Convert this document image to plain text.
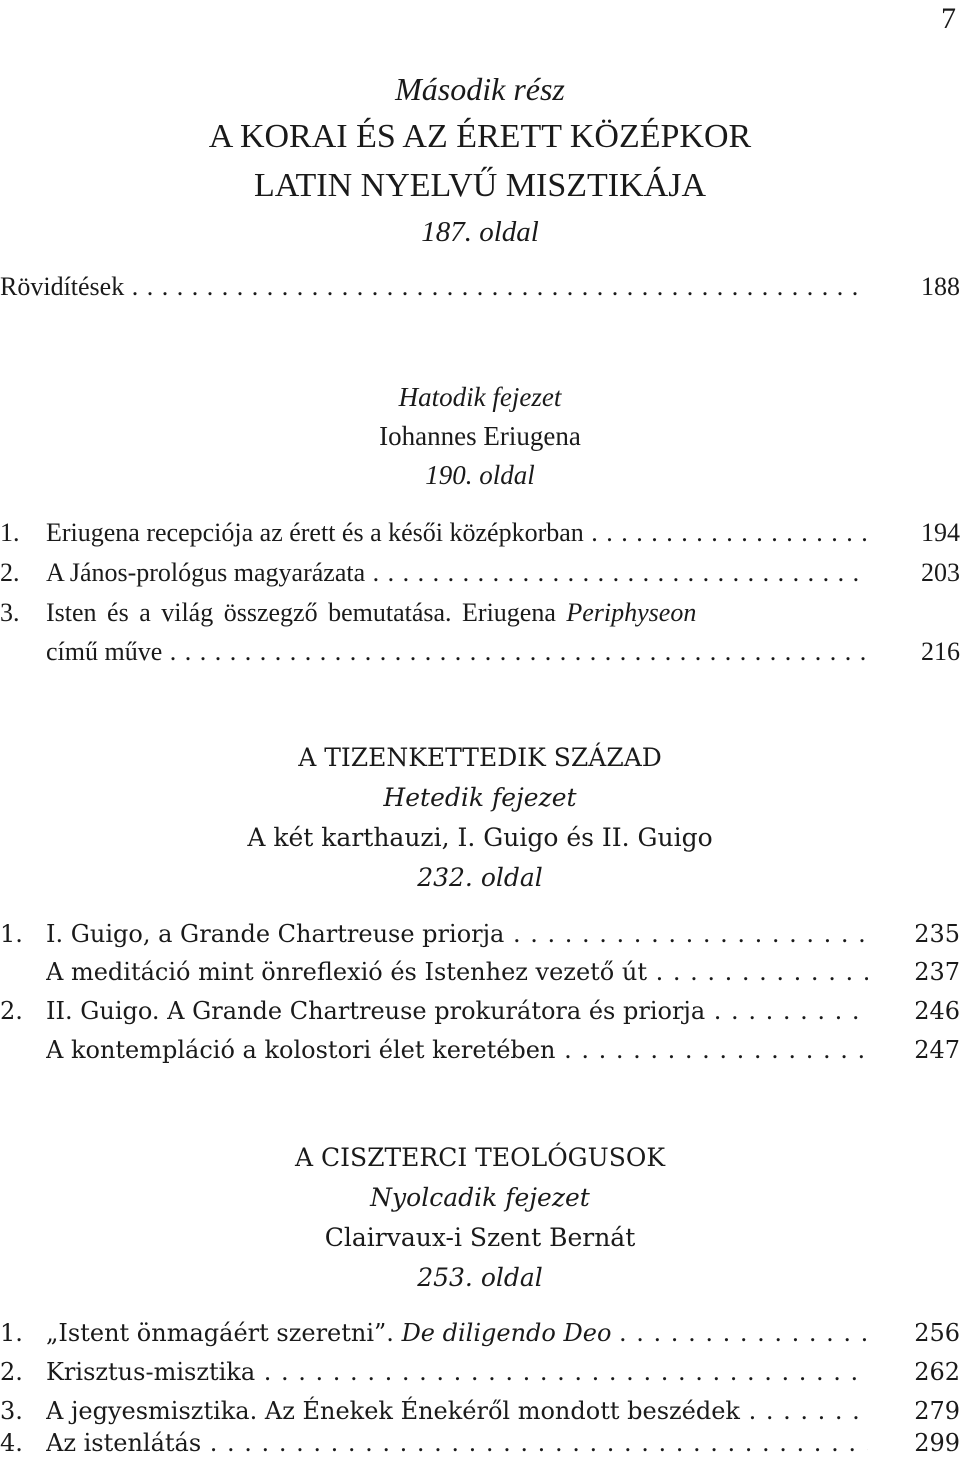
7
Második rész
A KORAI ÉS AZ ÉRETT KÖZÉPKOR
LATIN NYELVŰ MISZTIKÁJA
187. oldal
Rövidítések . . .	188
Hatodik fejezet
Iohannes Eriugena
190. oldal
1. Eriugena recepciója az érett és a késői középkorban . . .	194
2. A János-prológus magyarázata . . .	203
3. Isten és a világ összegző bemutatása. Eriugena Periphyseon
című műve . . .	216
A TIZENKETTEDIK SZÁZAD
Hetedik fejezet
A két karthauzi, I. Guigo és II. Guigo
232. oldal
1. I. Guigo, a Grande Chartreuse priorja . . .	235
A meditáció mint önreflexió és Istenhez vezető út . . .	237
2. II. Guigo. A Grande Chartreuse prokurátora és priorja . . .	246
A kontempláció a kolostori élet keretében . . .	247
A CISZTERCI TEOLÓGUSOK
Nyolcadik fejezet
Clairvaux-i Szent Bernát
253. oldal
1. „Istent önmagáért szeretni”. De diligendo Deo . . .	256
2. Krisztus-misztika . . .	262
3. A jegyesmisztika. Az Énekek Énekéről mondott beszédek . . .	279
4. Az istenlátás . . .	299
